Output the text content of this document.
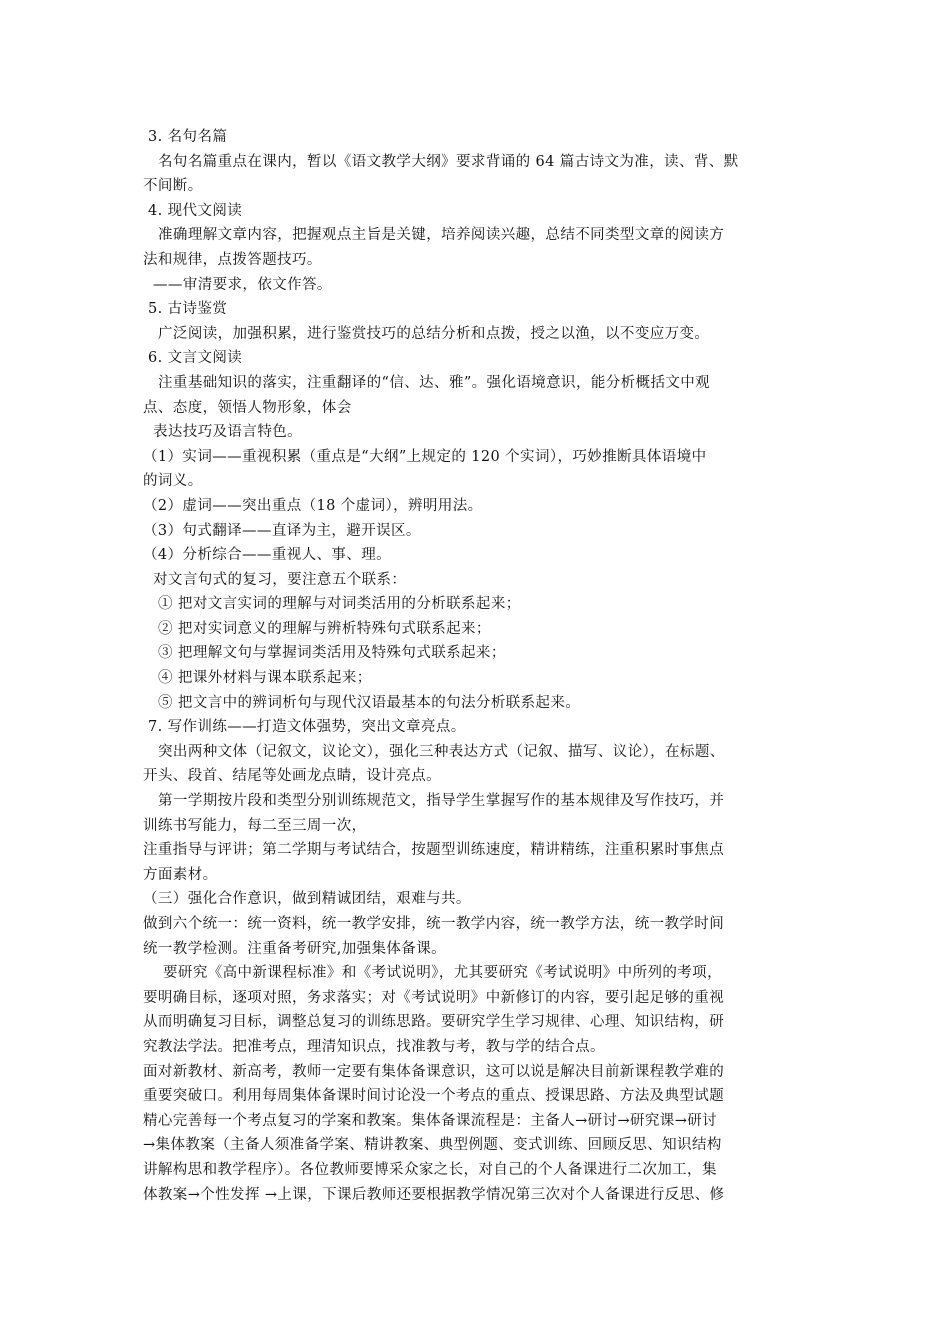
3. 名句名篇
名句名篇重点在课内，暂以《语文教学大纲》要求背诵的 64 篇古诗文为准，读、背、默
不间断。
4. 现代文阅读
准确理解文章内容，把握观点主旨是关键，培养阅读兴趣，总结不同类型文章的阅读方
法和规律，点拨答题技巧。
——审清要求，依文作答。
5. 古诗鉴赏
广泛阅读，加强积累，进行鉴赏技巧的总结分析和点拨，授之以渔，以不变应万变。
6. 文言文阅读
注重基础知识的落实，注重翻译的“信、达、雅”。强化语境意识，能分析概括文中观
点、态度，领悟人物形象，体会
表达技巧及语言特色。
（1）实词——重视积累（重点是“大纲”上规定的 120 个实词），巧妙推断具体语境中
的词义。
（2）虚词——突出重点（18 个虚词），辨明用法。
（3）句式翻译——直译为主，避开误区。
（4）分析综合——重视人、事、理。
对文言句式的复习，要注意五个联系：
① 把对文言实词的理解与对词类活用的分析联系起来；
② 把对实词意义的理解与辨析特殊句式联系起来；
③ 把理解文句与掌握词类活用及特殊句式联系起来；
④ 把课外材料与课本联系起来；
⑤ 把文言中的辨词析句与现代汉语最基本的句法分析联系起来。
7. 写作训练——打造文体强势，突出文章亮点。
突出两种文体（记叙文，议论文），强化三种表达方式（记叙、描写、议论），在标题、
开头、段首、结尾等处画龙点睛，设计亮点。
第一学期按片段和类型分别训练规范文，指导学生掌握写作的基本规律及写作技巧，并
训练书写能力，每二至三周一次，
注重指导与评讲；第二学期与考试结合，按题型训练速度，精讲精练，注重积累时事焦点
方面素材。
（三）强化合作意识，做到精诚团结，艰难与共。
做到六个统一：统一资料，统一教学安排，统一教学内容，统一教学方法，统一教学时间
统一教学检测。注重备考研究,加强集体备课。
要研究《高中新课程标准》和《考试说明》，尤其要研究《考试说明》中所列的考项，
要明确目标，逐项对照，务求落实；对《考试说明》中新修订的内容，要引起足够的重视
从而明确复习目标，调整总复习的训练思路。要研究学生学习规律、心理、知识结构，研
究教法学法。把准考点，理清知识点，找准教与考，教与学的结合点。
面对新教材、新高考，教师一定要有集体备课意识，这可以说是解决目前新课程教学难的
重要突破口。利用每周集体备课时间讨论没一个考点的重点、授课思路、方法及典型试题
精心完善每一个考点复习的学案和教案。集体备课流程是：主备人→研讨→研究课→研讨
→集体教案（主备人须准备学案、精讲教案、典型例题、变式训练、回顾反思、知识结构
讲解构思和教学程序）。各位教师要博采众家之长，对自己的个人备课进行二次加工，集
体教案→个性发挥 →上课，下课后教师还要根据教学情况第三次对个人备课进行反思、修
